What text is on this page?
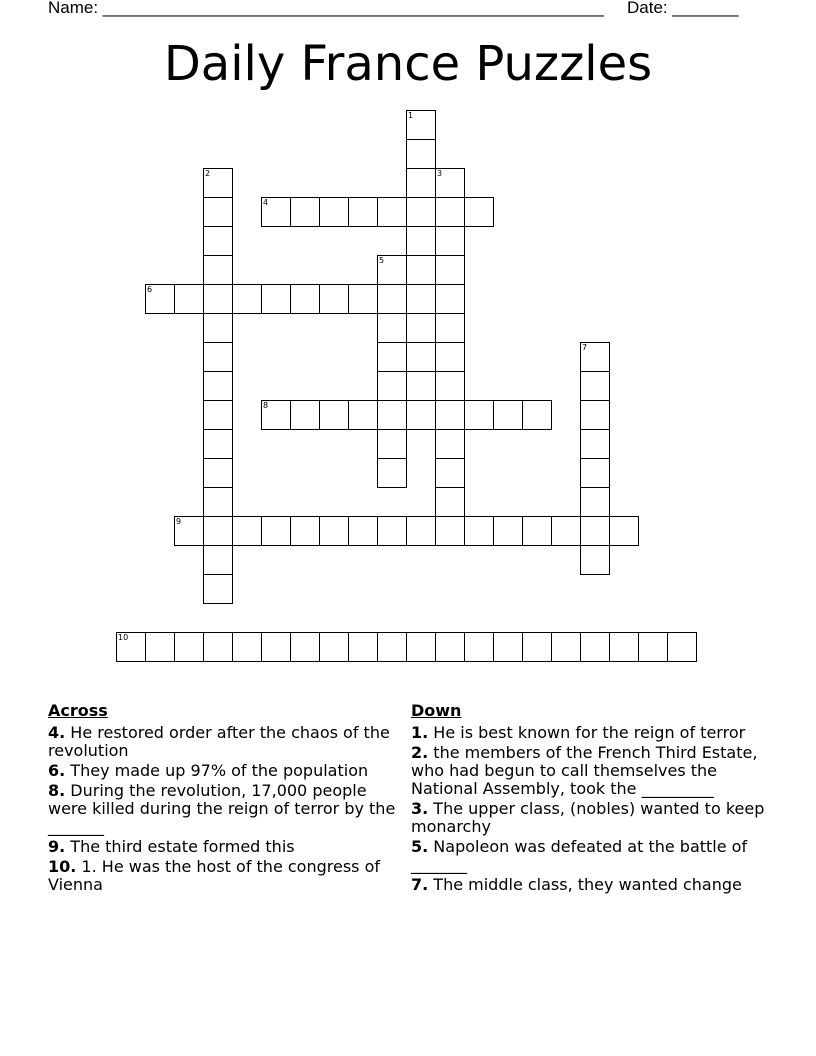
Name: _____________________________________________________ Date: _______
Daily France Puzzles
1
2	3
4
5
6
7
8
9
10
Across
4. He restored order after the chaos of the revolution
6. They made up 97% of the population
8. During the revolution, 17,000 people were killed during the reign of terror by the _______
9. The third estate formed this
10. 1. He was the host of the congress of Vienna
Down
1. He is best known for the reign of terror
2. the members of the French Third Estate, who had begun to call themselves the National Assembly, took the _________
3. The upper class, (nobles) wanted to keep monarchy
5. Napoleon was defeated at the battle of _______
7. The middle class, they wanted change
